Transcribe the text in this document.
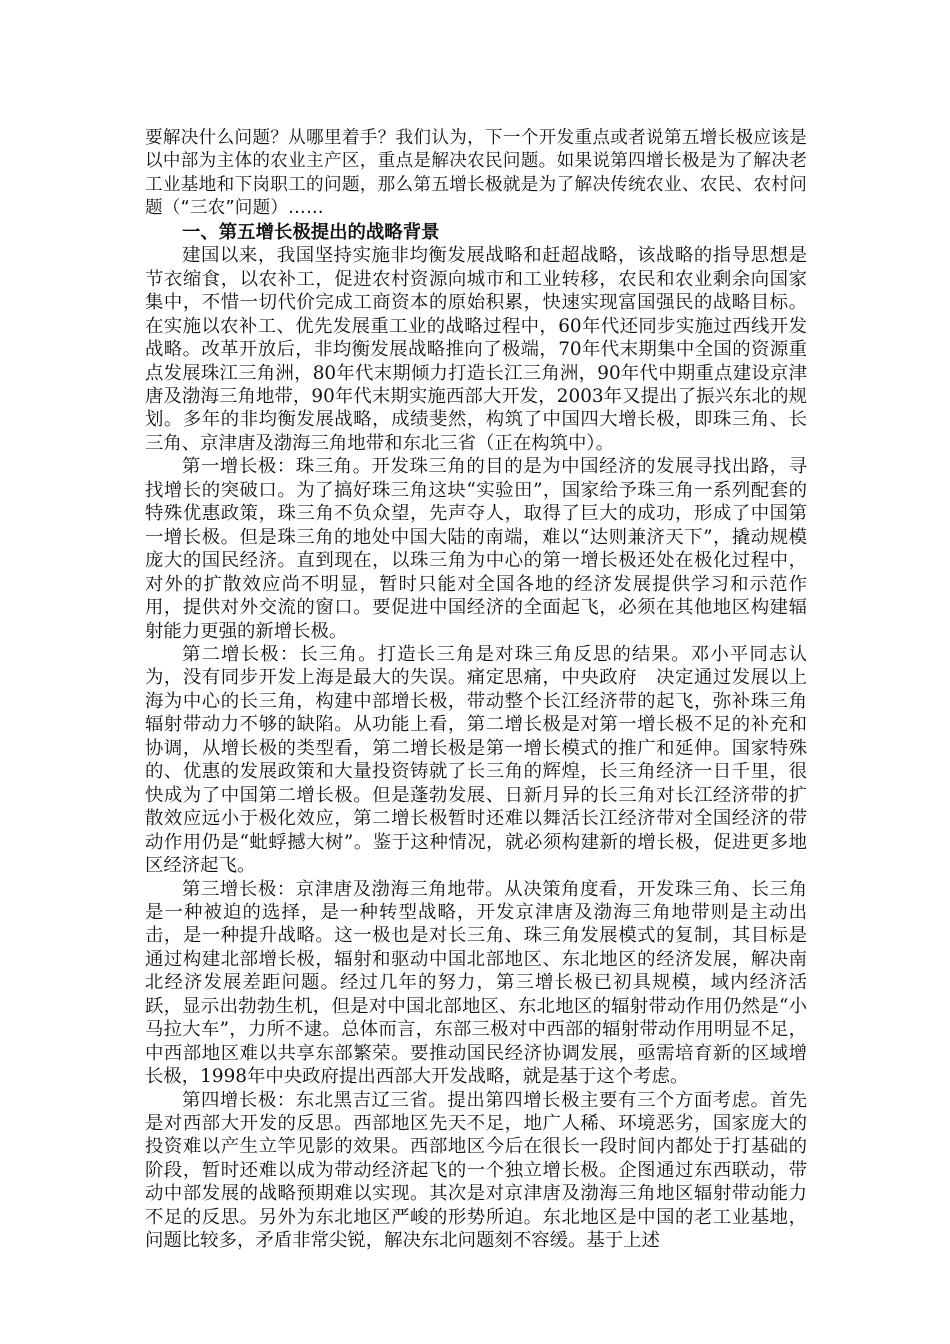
要解决什么问题？从哪里着手？我们认为，下一个开发重点或者说第五增长极应该是以中部为主体的农业主产区，重点是解决农民问题。如果说第四增长极是为了解决老工业基地和下岗职工的问题，那么第五增长极就是为了解决传统农业、农民、农村问题（“三农”问题）……

一、第五增长极提出的战略背景

建国以来，我国坚持实施非均衡发展战略和赶超战略，该战略的指导思想是节衣缩食，以农补工，促进农村资源向城市和工业转移，农民和农业剩余向国家集中，不惜一切代价完成工商资本的原始积累，快速实现富国强民的战略目标。在实施以农补工、优先发展重工业的战略过程中，60年代还同步实施过西线开发战略。改革开放后，非均衡发展战略推向了极端，70年代末期集中全国的资源重点发展珠江三角洲，80年代末期倾力打造长江三角洲，90年代中期重点建设京津唐及渤海三角地带，90年代末期实施西部大开发，2003年又提出了振兴东北的规划。多年的非均衡发展战略，成绩斐然，构筑了中国四大增长极，即珠三角、长三角、京津唐及渤海三角地带和东北三省（正在构筑中）。

第一增长极：珠三角。开发珠三角的目的是为中国经济的发展寻找出路，寻找增长的突破口。为了搞好珠三角这块“实验田”，国家给予珠三角一系列配套的特殊优惠政策，珠三角不负众望，先声夺人，取得了巨大的成功，形成了中国第一增长极。但是珠三角的地处中国大陆的南端，难以“达则兼济天下”，撬动规模庞大的国民经济。直到现在，以珠三角为中心的第一增长极还处在极化过程中，对外的扩散效应尚不明显，暂时只能对全国各地的经济发展提供学习和示范作用，提供对外交流的窗口。要促进中国经济的全面起飞，必须在其他地区构建辐射能力更强的新增长极。

第二增长极：长三角。打造长三角是对珠三角反思的结果。邓小平同志认为，没有同步开发上海是最大的失误。痛定思痛，中央政府　决定通过发展以上海为中心的长三角，构建中部增长极，带动整个长江经济带的起飞，弥补珠三角辐射带动力不够的缺陷。从功能上看，第二增长极是对第一增长极不足的补充和协调，从增长极的类型看，第二增长极是第一增长模式的推广和延伸。国家特殊的、优惠的发展政策和大量投资铸就了长三角的辉煌，长三角经济一日千里，很快成为了中国第二增长极。但是蓬勃发展、日新月异的长三角对长江经济带的扩散效应远小于极化效应，第二增长极暂时还难以舞活长江经济带对全国经济的带动作用仍是“蚍蜉撼大树”。鉴于这种情况，就必须构建新的增长极，促进更多地区经济起飞。

第三增长极：京津唐及渤海三角地带。从决策角度看，开发珠三角、长三角是一种被迫的选择，是一种转型战略，开发京津唐及渤海三角地带则是主动出击，是一种提升战略。这一极也是对长三角、珠三角发展模式的复制，其目标是通过构建北部增长极，辐射和驱动中国北部地区、东北地区的经济发展，解决南北经济发展差距问题。经过几年的努力，第三增长极已初具规模，域内经济活跃，显示出勃勃生机，但是对中国北部地区、东北地区的辐射带动作用仍然是“小马拉大车”，力所不逮。总体而言，东部三极对中西部的辐射带动作用明显不足，中西部地区难以共享东部繁荣。要推动国民经济协调发展，亟需培育新的区域增长极，1998年中央政府提出西部大开发战略，就是基于这个考虑。

第四增长极：东北黑吉辽三省。提出第四增长极主要有三个方面考虑。首先是对西部大开发的反思。西部地区先天不足，地广人稀、环境恶劣，国家庞大的投资难以产生立竿见影的效果。西部地区今后在很长一段时间内都处于打基础的阶段，暂时还难以成为带动经济起飞的一个独立增长极。企图通过东西联动，带动中部发展的战略预期难以实现。其次是对京津唐及渤海三角地区辐射带动能力不足的反思。另外为东北地区严峻的形势所迫。东北地区是中国的老工业基地，问题比较多，矛盾非常尖锐，解决东北问题刻不容缓。基于上述
